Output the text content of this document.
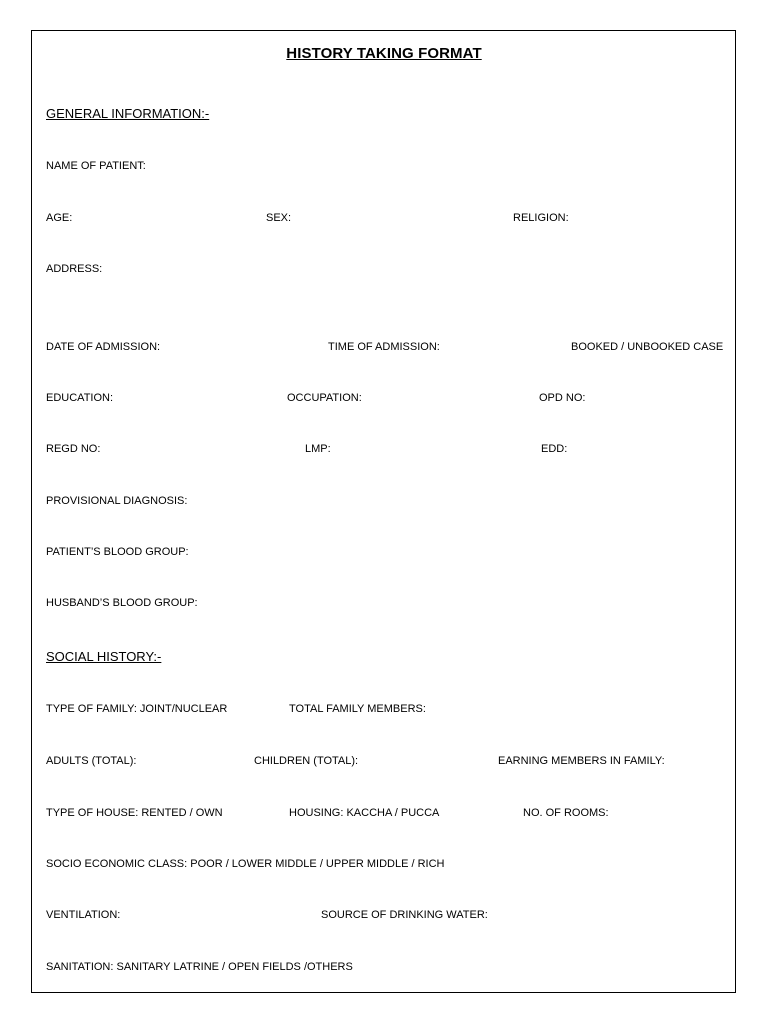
HISTORY TAKING FORMAT
GENERAL INFORMATION:-
NAME OF PATIENT:
AGE:	SEX:	RELIGION:
ADDRESS:
DATE OF ADMISSION:	TIME OF ADMISSION:	BOOKED / UNBOOKED CASE
EDUCATION:	OCCUPATION:	OPD NO:
REGD NO:	LMP:	EDD:
PROVISIONAL DIAGNOSIS:
PATIENT’S BLOOD GROUP:
HUSBAND’S BLOOD GROUP:
SOCIAL HISTORY:-
TYPE OF FAMILY: JOINT/NUCLEAR	TOTAL FAMILY MEMBERS:
ADULTS (TOTAL):	CHILDREN (TOTAL):	EARNING MEMBERS IN FAMILY:
TYPE OF HOUSE: RENTED / OWN	HOUSING: KACCHA / PUCCA	NO. OF ROOMS:
SOCIO ECONOMIC CLASS: POOR / LOWER MIDDLE / UPPER MIDDLE / RICH
VENTILATION:	SOURCE OF DRINKING WATER:
SANITATION: SANITARY LATRINE / OPEN FIELDS /OTHERS
